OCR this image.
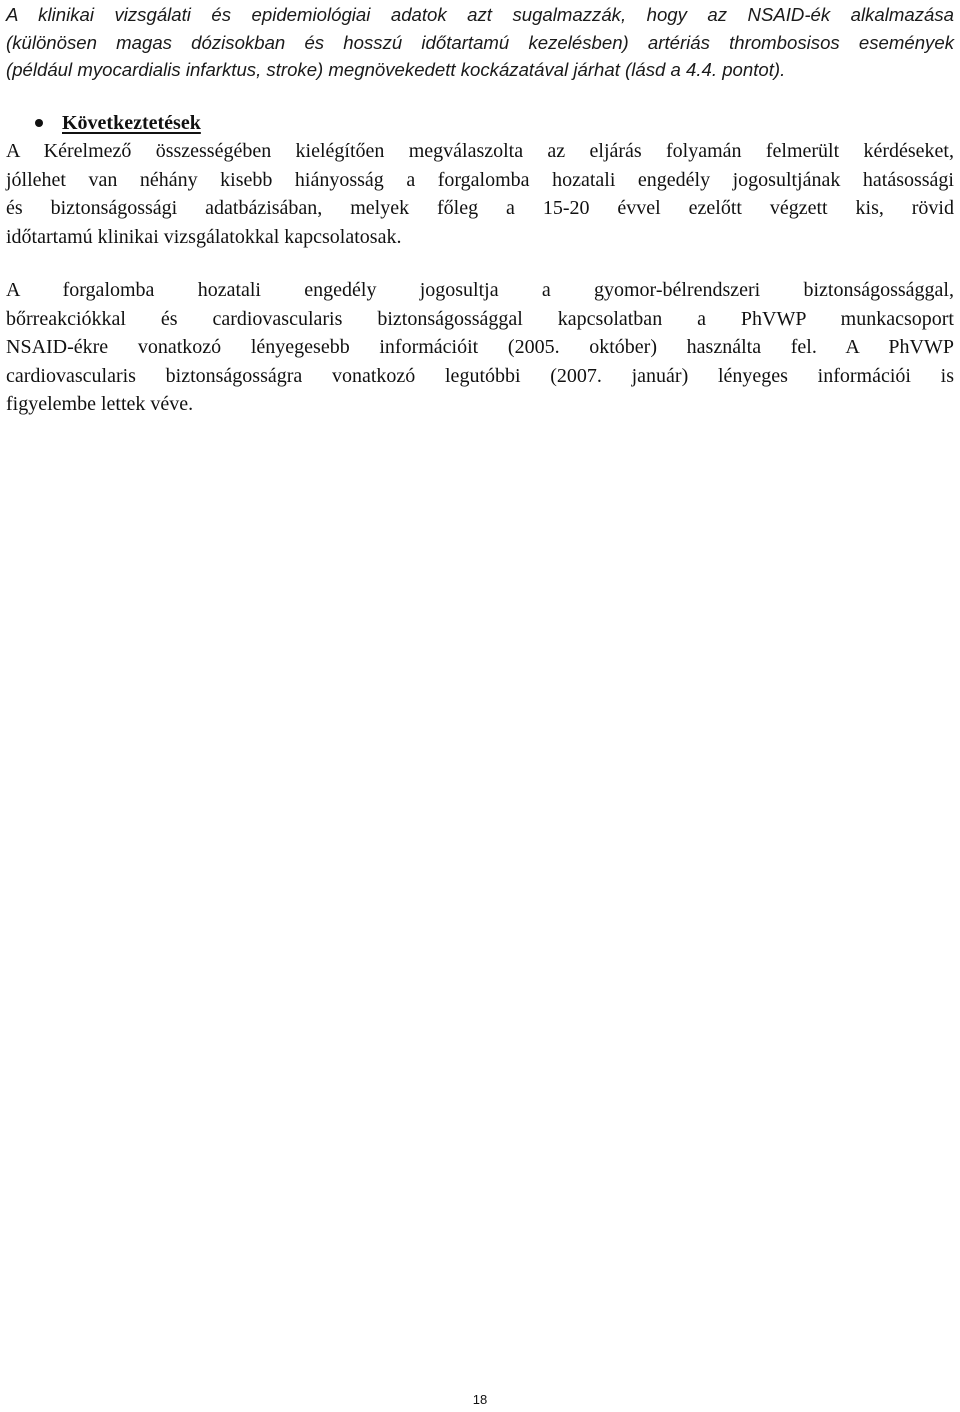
A klinikai vizsgálati és epidemiológiai adatok azt sugalmazzák, hogy az NSAID-ék alkalmazása
(különösen magas dózisokban és hosszú időtartamú kezelésben) artériás thrombosisos események
(például myocardialis infarktus, stroke) megnövekedett kockázatával járhat (lásd a 4.4. pontot).

Következtetések

A Kérelmező összességében kielégítően megválaszolta az eljárás folyamán felmerült kérdéseket,
jóllehet van néhány kisebb hiányosság a forgalomba hozatali engedély jogosultjának hatásossági
és biztonságossági adatbázisában, melyek főleg a 15-20 évvel ezelőtt végzett kis, rövid
időtartamú klinikai vizsgálatokkal kapcsolatosak.

A forgalomba hozatali engedély jogosultja a gyomor-bélrendszeri biztonságossággal,
bőrreakciókkal és cardiovascularis biztonságossággal kapcsolatban a PhVWP munkacsoport
NSAID-ékre vonatkozó lényegesebb információit (2005. október) használta fel. A PhVWP
cardiovascularis biztonságosságra vonatkozó legutóbbi (2007. január) lényeges információi is
figyelembe lettek véve.

18
